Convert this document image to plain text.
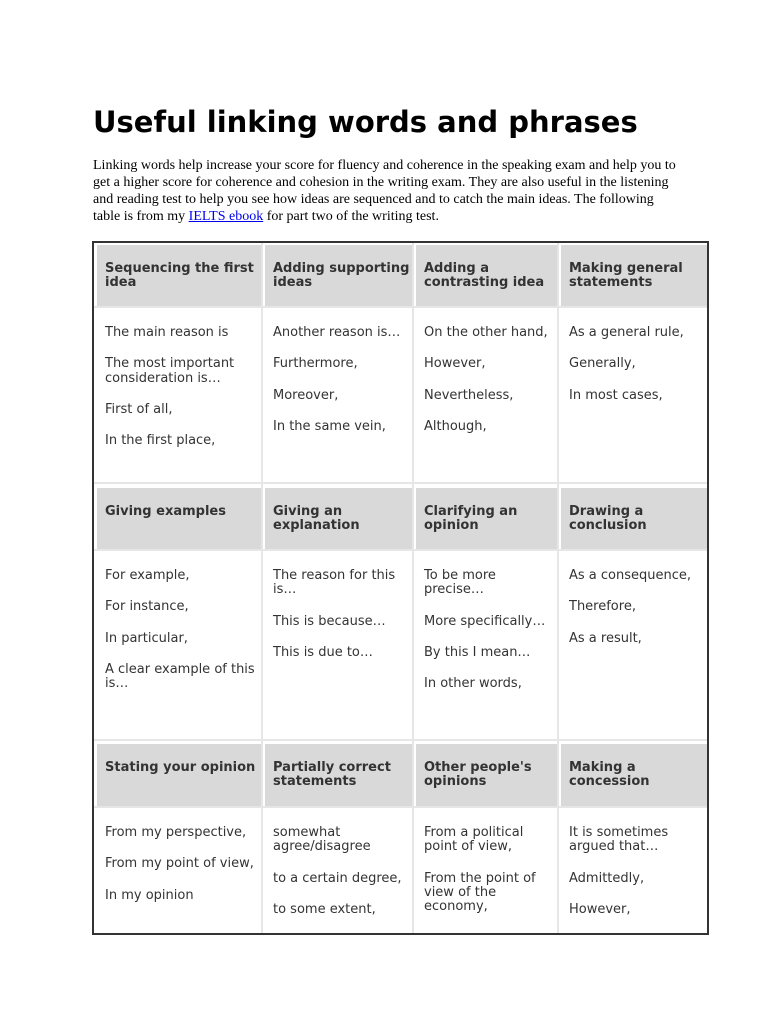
Useful linking words and phrases

Linking words help increase your score for fluency and coherence in the speaking exam and help you to get a higher score for coherence and cohesion in the writing exam. They are also useful in the listening and reading test to help you see how ideas are sequenced and to catch the main ideas. The following table is from my IELTS ebook for part two of the writing test.

Sequencing the first idea
Adding supporting ideas
Adding a contrasting idea
Making general statements

The main reason is

The most important consideration is…

First of all,

In the first place,

Another reason is…

Furthermore,

Moreover,

In the same vein,

On the other hand,

However,

Nevertheless,

Although,

As a general rule,

Generally,

In most cases,

Giving examples	Giving an explanation
Clarifying an opinion
Drawing a conclusion

For example,

For instance,

In particular,

A clear example of this is…

The reason for this is…

This is because…

This is due to…

To be more precise…

More specifically…

By this I mean…

In other words,

As a consequence,

Therefore,

As a result,

Stating your opinion	Partially correct statements
Other people's opinions
Making a concession

From my perspective,

From my point of view,

In my opinion

somewhat agree/disagree

to a certain degree,

to some extent,

From a political point of view,

From the point of view of the economy,

It is sometimes argued that…

Admittedly,

However,
